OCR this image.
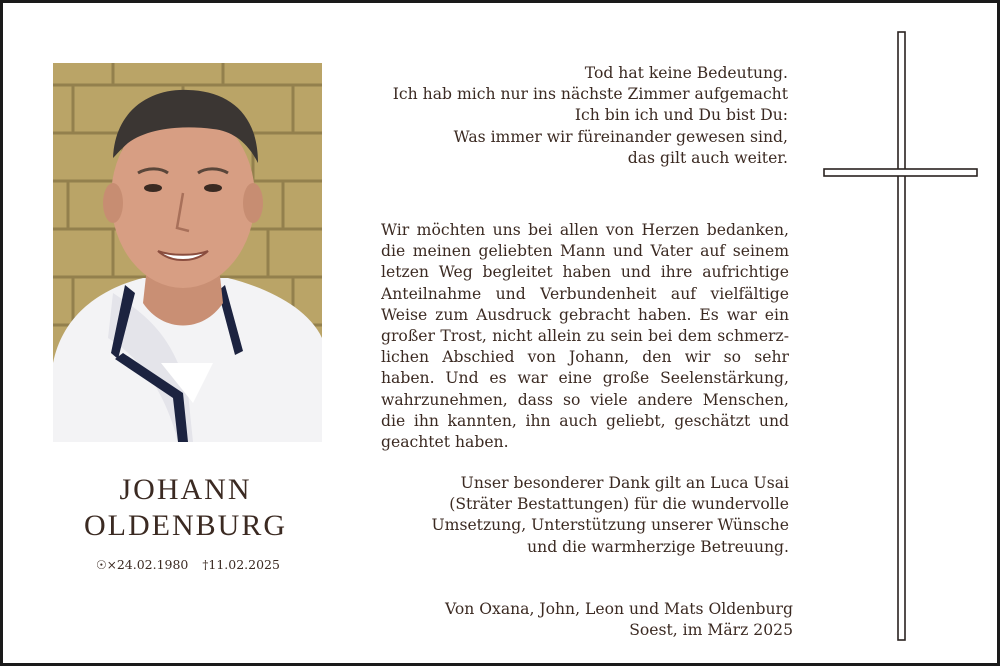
JOHANN
OLDENBURG
☉×24.02.1980 †11.02.2025
Tod hat keine Bedeutung.
Ich hab mich nur ins nächste Zimmer aufgemacht
Ich bin ich und Du bist Du:
Was immer wir füreinander gewesen sind,
das gilt auch weiter.
Wir möchten uns bei allen von Herzen bedanken,
die meinen geliebten Mann und Vater auf seinem
letzen Weg begleitet haben und ihre aufrichtige
Anteilnahme und Verbundenheit auf vielfältige
Weise zum Ausdruck gebracht haben. Es war ein
großer Trost, nicht allein zu sein bei dem schmerz-
lichen Abschied von Johann, den wir so sehr
haben. Und es war eine große Seelenstärkung,
wahrzunehmen, dass so viele andere Menschen,
die ihn kannten, ihn auch geliebt, geschätzt und
geachtet haben.
Unser besonderer Dank gilt an Luca Usai
(Sträter Bestattungen) für die wundervolle
Umsetzung, Unterstützung unserer Wünsche
und die warmherzige Betreuung.
Von Oxana, John, Leon und Mats Oldenburg
Soest, im März 2025
